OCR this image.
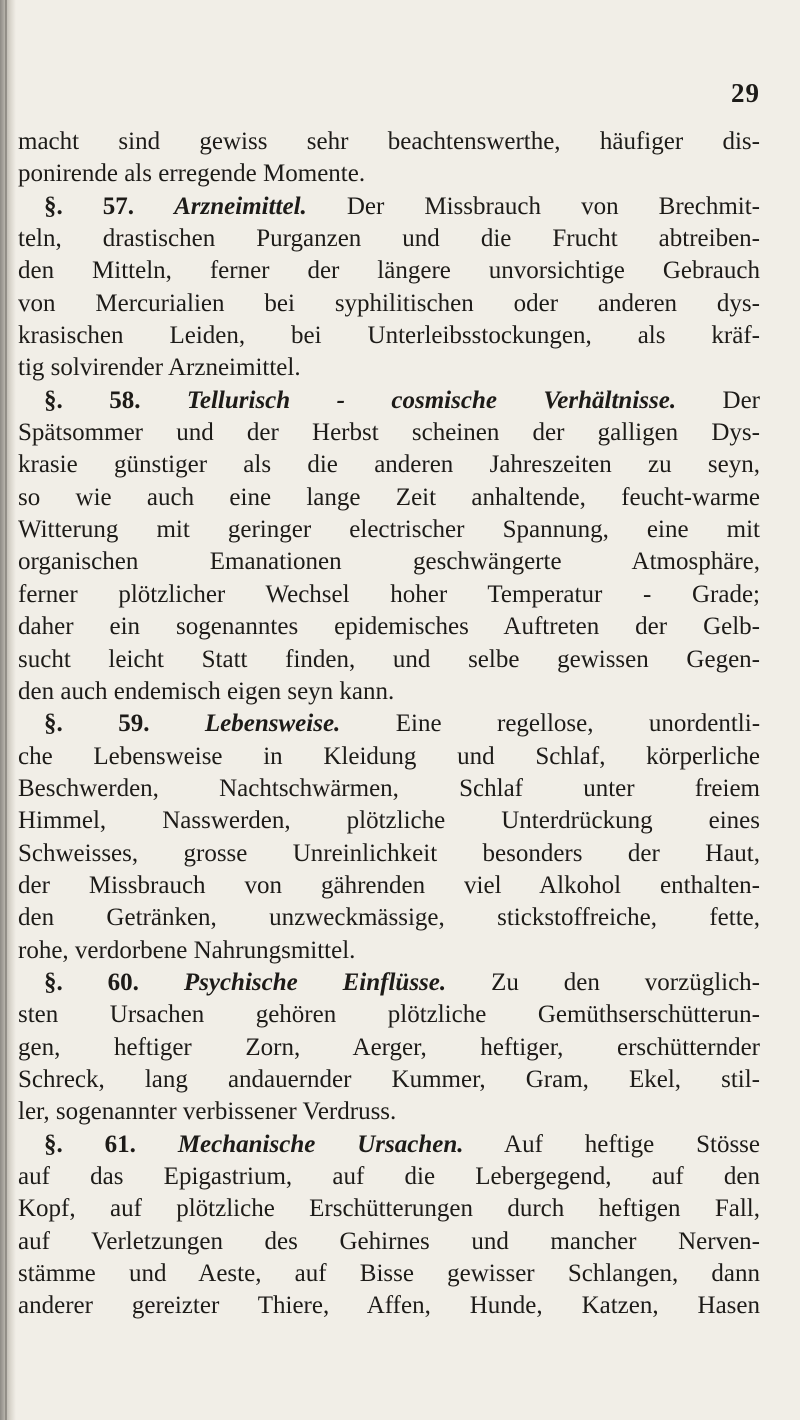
29
macht sind gewiss sehr beachtenswerthe, häufiger dis-
ponirende als erregende Momente.
§. 57. Arzneimittel. Der Missbrauch von Brechmit-
teln, drastischen Purganzen und die Frucht abtreiben-
den Mitteln, ferner der längere unvorsichtige Gebrauch
von Mercurialien bei syphilitischen oder anderen dys-
krasischen Leiden, bei Unterleibsstockungen, als kräf-
tig solvirender Arzneimittel.
§. 58. Tellurisch - cosmische Verhältnisse. Der
Spätsommer und der Herbst scheinen der galligen Dys-
krasie günstiger als die anderen Jahreszeiten zu seyn,
so wie auch eine lange Zeit anhaltende, feucht-warme
Witterung mit geringer electrischer Spannung, eine mit
organischen Emanationen geschwängerte Atmosphäre,
ferner plötzlicher Wechsel hoher Temperatur - Grade;
daher ein sogenanntes epidemisches Auftreten der Gelb-
sucht leicht Statt finden, und selbe gewissen Gegen-
den auch endemisch eigen seyn kann.
§. 59. Lebensweise. Eine regellose, unordentli-
che Lebensweise in Kleidung und Schlaf, körperliche
Beschwerden, Nachtschwärmen, Schlaf unter freiem
Himmel, Nasswerden, plötzliche Unterdrückung eines
Schweisses, grosse Unreinlichkeit besonders der Haut,
der Missbrauch von gährenden viel Alkohol enthalten-
den Getränken, unzweckmässige, stickstoffreiche, fette,
rohe, verdorbene Nahrungsmittel.
§. 60. Psychische Einflüsse. Zu den vorzüglich-
sten Ursachen gehören plötzliche Gemüthserschütterun-
gen, heftiger Zorn, Aerger, heftiger, erschütternder
Schreck, lang andauernder Kummer, Gram, Ekel, stil-
ler, sogenannter verbissener Verdruss.
§. 61. Mechanische Ursachen. Auf heftige Stösse
auf das Epigastrium, auf die Lebergegend, auf den
Kopf, auf plötzliche Erschütterungen durch heftigen Fall,
auf Verletzungen des Gehirnes und mancher Nerven-
stämme und Aeste, auf Bisse gewisser Schlangen, dann
anderer gereizter Thiere, Affen, Hunde, Katzen, Hasen
